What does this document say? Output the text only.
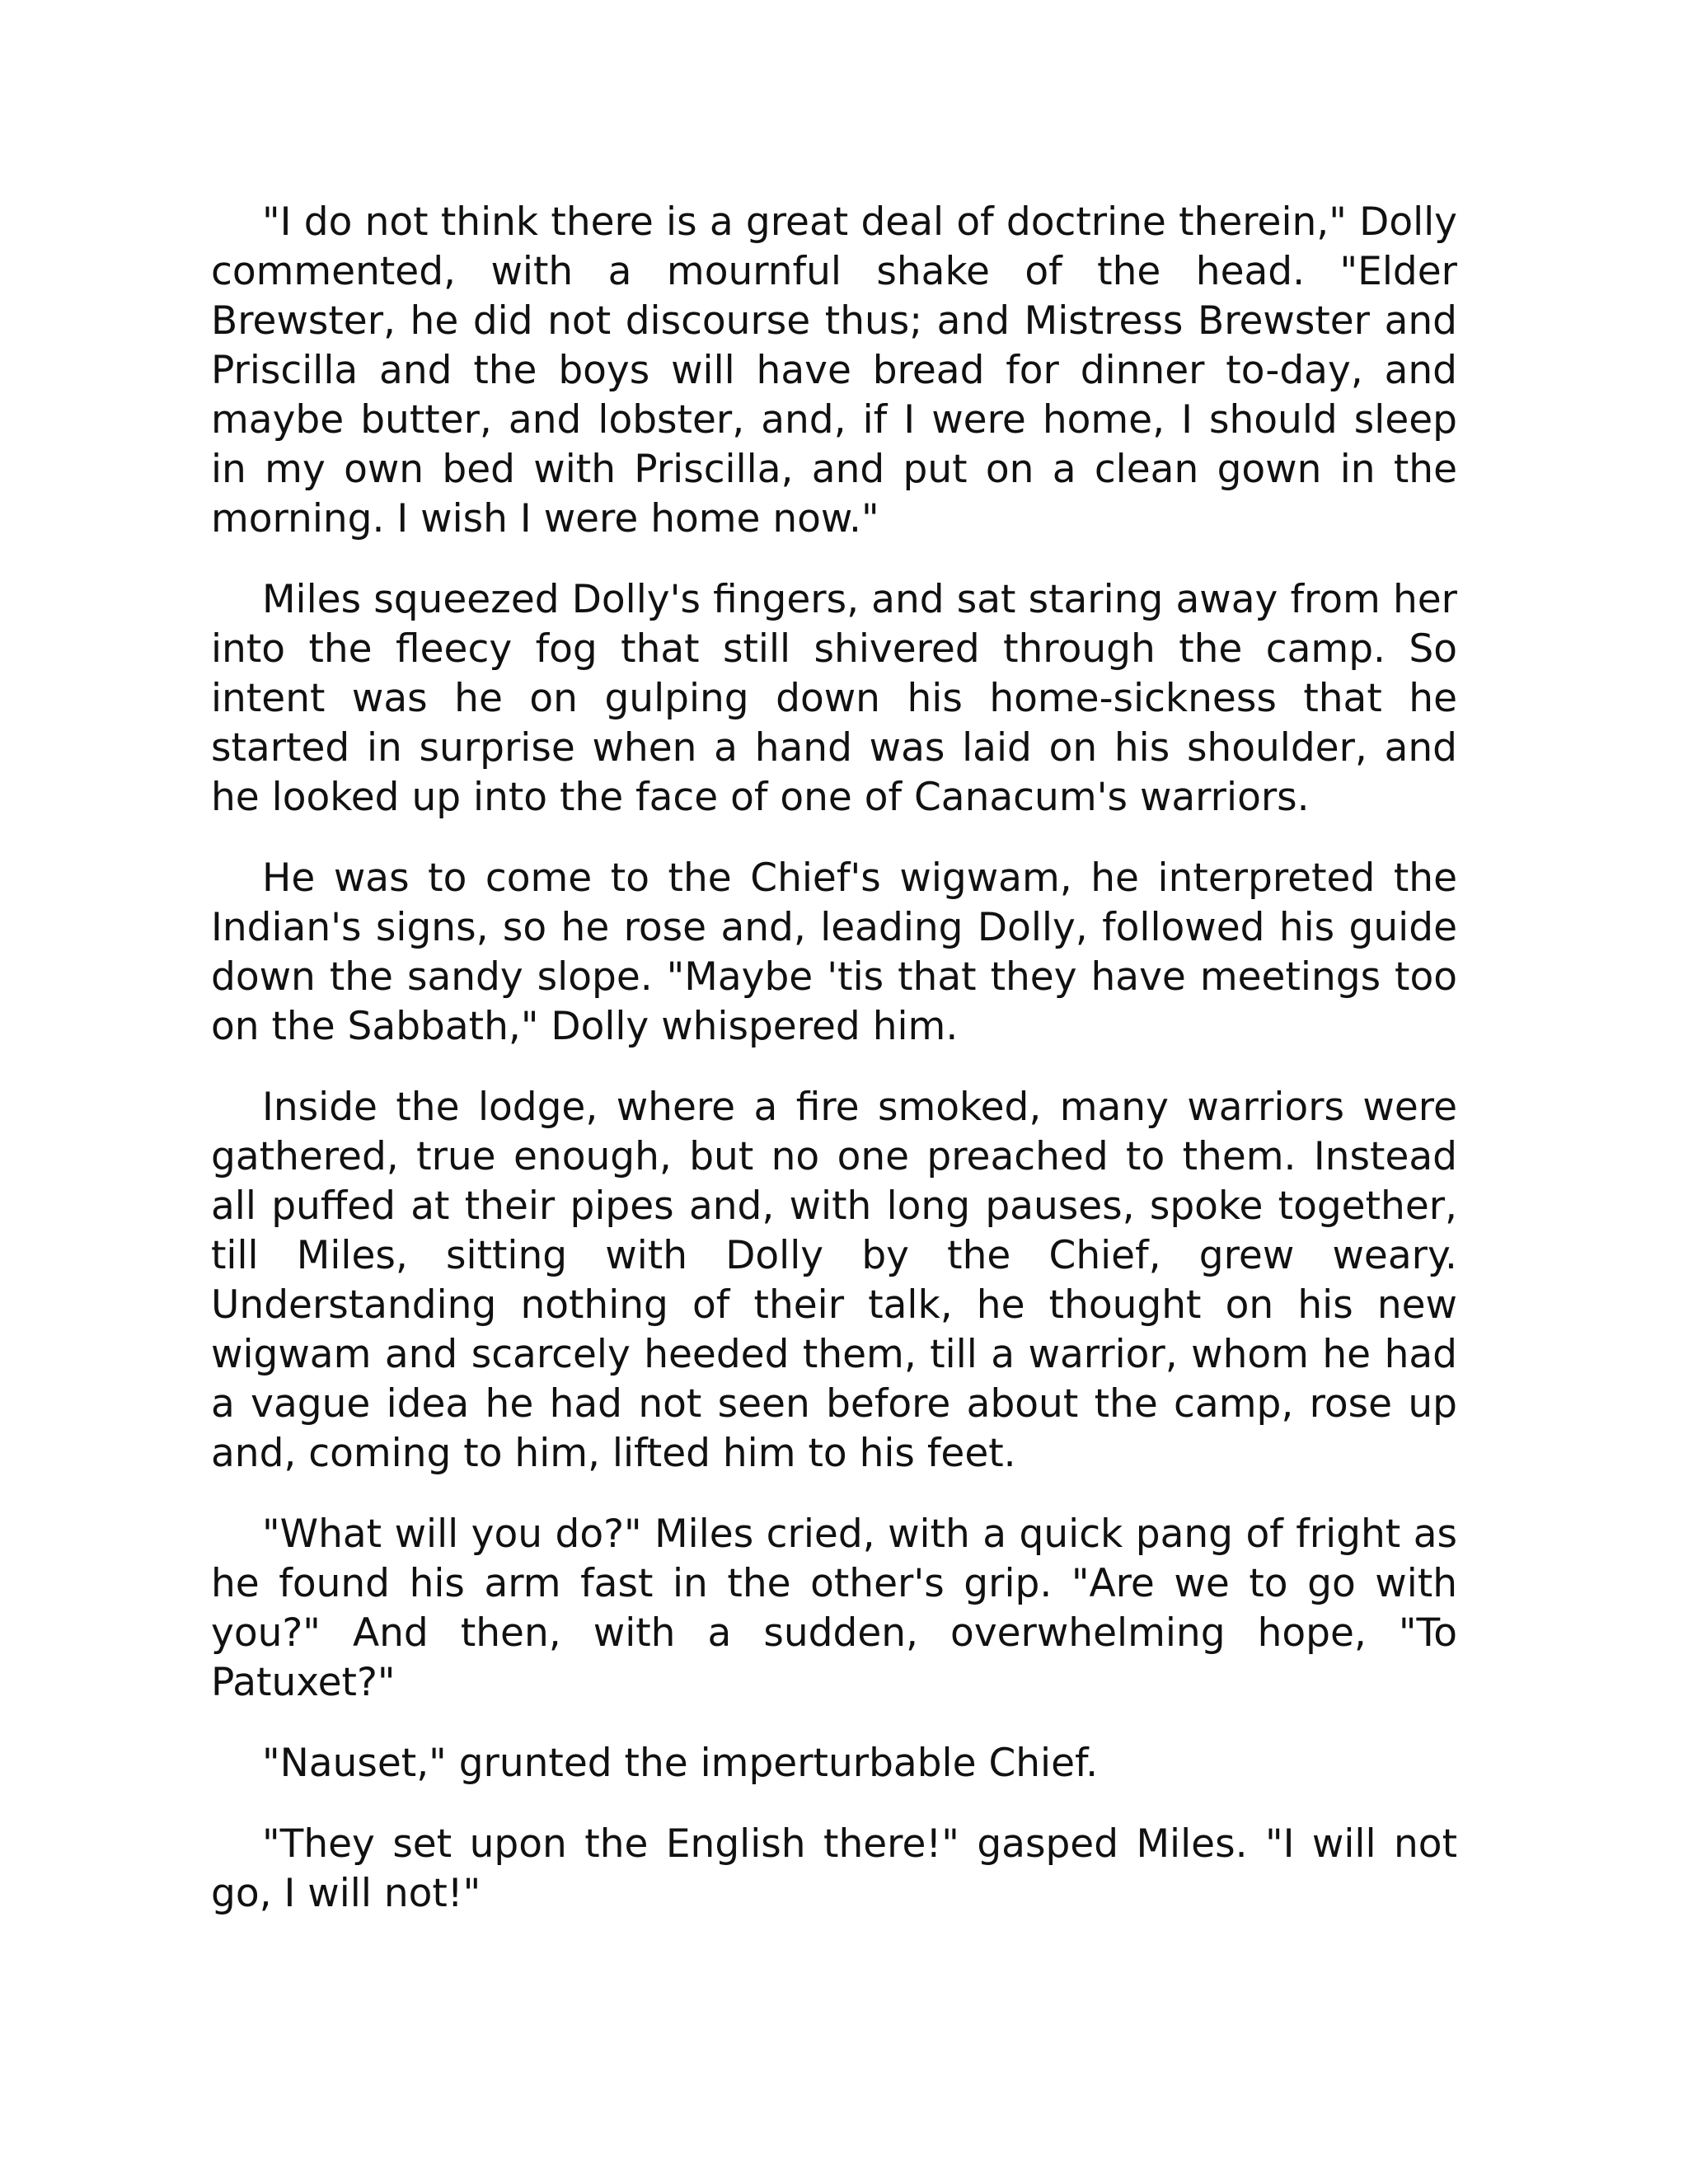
"I do not think there is a great deal of doctrine therein," Dolly commented, with a mournful shake of the head. "Elder Brewster, he did not discourse thus; and Mistress Brewster and Priscilla and the boys will have bread for dinner to-day, and maybe butter, and lobster, and, if I were home, I should sleep in my own bed with Priscilla, and put on a clean gown in the morning. I wish I were home now."

Miles squeezed Dolly's fingers, and sat staring away from her into the fleecy fog that still shivered through the camp. So intent was he on gulping down his home-sickness that he started in surprise when a hand was laid on his shoulder, and he looked up into the face of one of Canacum's warriors.

He was to come to the Chief's wigwam, he interpreted the Indian's signs, so he rose and, leading Dolly, followed his guide down the sandy slope. "Maybe 'tis that they have meetings too on the Sabbath," Dolly whispered him.

Inside the lodge, where a fire smoked, many warriors were gathered, true enough, but no one preached to them. Instead all puffed at their pipes and, with long pauses, spoke together, till Miles, sitting with Dolly by the Chief, grew weary. Understanding nothing of their talk, he thought on his new wigwam and scarcely heeded them, till a warrior, whom he had a vague idea he had not seen before about the camp, rose up and, coming to him, lifted him to his feet.

"What will you do?" Miles cried, with a quick pang of fright as he found his arm fast in the other's grip. "Are we to go with you?" And then, with a sudden, overwhelming hope, "To Patuxet?"

"Nauset," grunted the imperturbable Chief.

"They set upon the English there!" gasped Miles. "I will not go, I will not!"
